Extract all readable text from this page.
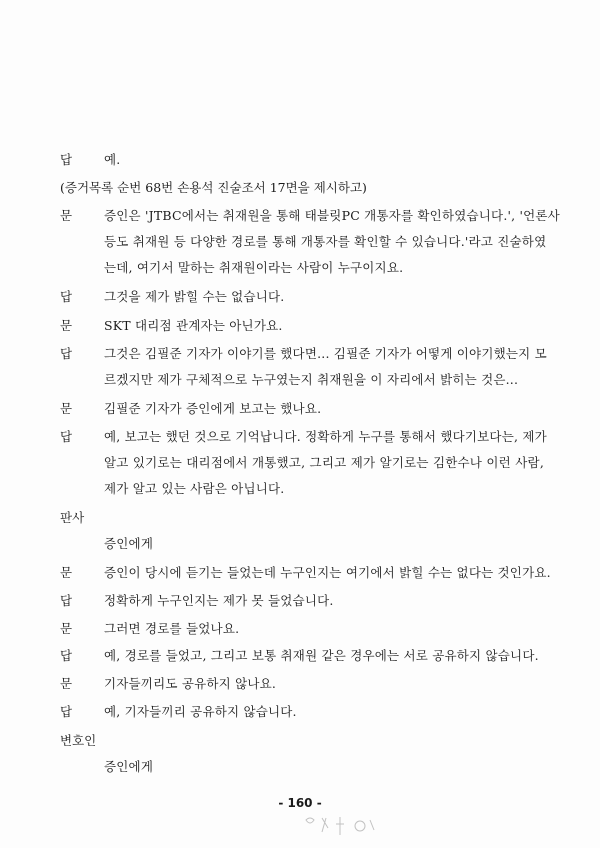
답	예.
(증거목록 순번 68번 손용석 진술조서 17면을 제시하고)
문	증인은 'JTBC에서는 취재원을 통해 태블릿PC 개통자를 확인하였습니다.', '언론사
등도 취재원 등 다양한 경로를 통해 개통자를 확인할 수 있습니다.'라고 진술하였
는데, 여기서 말하는 취재원이라는 사람이 누구이지요.
답	그것을 제가 밝힐 수는 없습니다.
문	SKT 대리점 관계자는 아닌가요.
답	그것은 김필준 기자가 이야기를 했다면... 김필준 기자가 어떻게 이야기했는지 모
르겠지만 제가 구체적으로 누구였는지 취재원을 이 자리에서 밝히는 것은...
문	김필준 기자가 증인에게 보고는 했나요.
답	예, 보고는 했던 것으로 기억납니다. 정확하게 누구를 통해서 했다기보다는, 제가
알고 있기로는 대리점에서 개통했고, 그리고 제가 알기로는 김한수나 이런 사람,
제가 알고 있는 사람은 아닙니다.
판사
증인에게
문	증인이 당시에 듣기는 들었는데 누구인지는 여기에서 밝힐 수는 없다는 것인가요.
답	정확하게 누구인지는 제가 못 들었습니다.
문	그러면 경로를 들었나요.
답	예, 경로를 들었고, 그리고 보통 취재원 같은 경우에는 서로 공유하지 않습니다.
문	기자들끼리도 공유하지 않나요.
답	예, 기자들끼리 공유하지 않습니다.
변호인
증인에게
- 160 -
